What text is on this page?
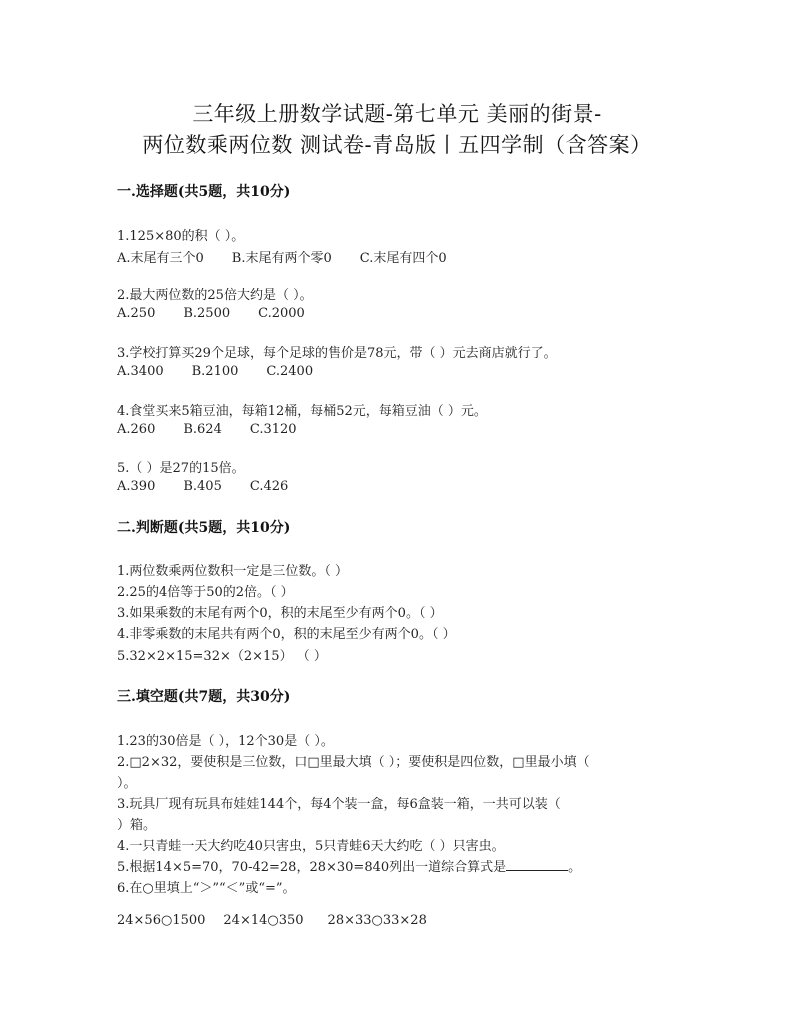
三年级上册数学试题-第七单元 美丽的街景-
两位数乘两位数 测试卷-青岛版丨五四学制（含答案）
一.选择题(共5题，共10分)
1.125×80的积（ ）。
A.末尾有三个0 B.末尾有两个零0 C.末尾有四个0
2.最大两位数的25倍大约是（ ）。
A.250 B.2500 C.2000
3.学校打算买29个足球，每个足球的售价是78元，带（ ）元去商店就行了。
A.3400 B.2100 C.2400
4.食堂买来5箱豆油，每箱12桶，每桶52元，每箱豆油（ ）元。
A.260 B.624 C.3120
5.（ ）是27的15倍。
A.390 B.405 C.426
二.判断题(共5题，共10分)
1.两位数乘两位数积一定是三位数。（ ）
2.25的4倍等于50的2倍。（ ）
3.如果乘数的末尾有两个0，积的末尾至少有两个0。（ ）
4.非零乘数的末尾共有两个0，积的末尾至少有两个0。（ ）
5.32×2×15=32×（2×15） （ ）
三.填空题(共7题，共30分)
1.23的30倍是（ ），12个30是（ ）。
2.□2×32，要使积是三位数，口□里最大填（ ）；要使积是四位数，□里最小填（
）。
3.玩具厂现有玩具布娃娃144个，每4个装一盒，每6盒装一箱，一共可以装（
）箱。
4.一只青蛙一天大约吃40只害虫，5只青蛙6天大约吃（ ）只害虫。
5.根据14×5=70，70-42=28，28×30=840列出一道综合算式是	。
6.在○里填上“＞”“＜”或“=”。
24×56○1500 24×14○350 28×33○33×28
